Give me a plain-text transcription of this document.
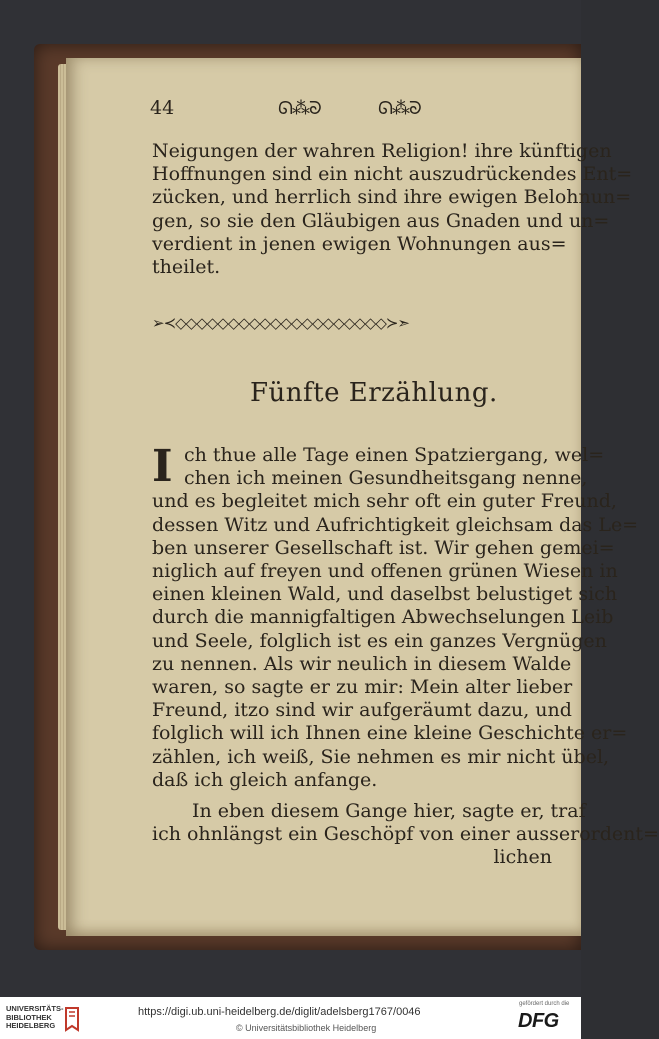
44	ᘏ⁂ᘐ	ᘏ⁂ᘐ
Neigungen der wahren Religion! ihre künftigen
Hoffnungen sind ein nicht auszudrückendes Ent=
zücken, und herrlich sind ihre ewigen Belohnun=
gen, so sie den Gläubigen aus Gnaden und un=
verdient in jenen ewigen Wohnungen aus=
theilet.
➢≺◇◇◇◇◇◇◇◇◇◇◇◇◇◇◇◇◇◇◇◇≻➣
Fünfte Erzählung.
I ch thue alle Tage einen Spatziergang, wel=
chen ich meinen Gesundheitsgang nenne,
und es begleitet mich sehr oft ein guter Freund,
dessen Witz und Aufrichtigkeit gleichsam das Le=
ben unserer Gesellschaft ist. Wir gehen gemei=
niglich auf freyen und offenen grünen Wiesen in
einen kleinen Wald, und daselbst belustiget sich
durch die mannigfaltigen Abwechselungen Leib
und Seele, folglich ist es ein ganzes Vergnügen
zu nennen. Als wir neulich in diesem Walde
waren, so sagte er zu mir: Mein alter lieber
Freund, itzo sind wir aufgeräumt dazu, und
folglich will ich Ihnen eine kleine Geschichte er=
zählen, ich weiß, Sie nehmen es mir nicht übel,
daß ich gleich anfange.
In eben diesem Gange hier, sagte er, traf
ich ohnlängst ein Geschöpf von einer ausserordent=
lichen
UNIVERSITÄTS-
BIBLIOTHEK
HEIDELBERG
https://digi.ub.uni-heidelberg.de/diglit/adelsberg1767/0046
© Universitätsbibliothek Heidelberg
gefördert durch die
DFG
